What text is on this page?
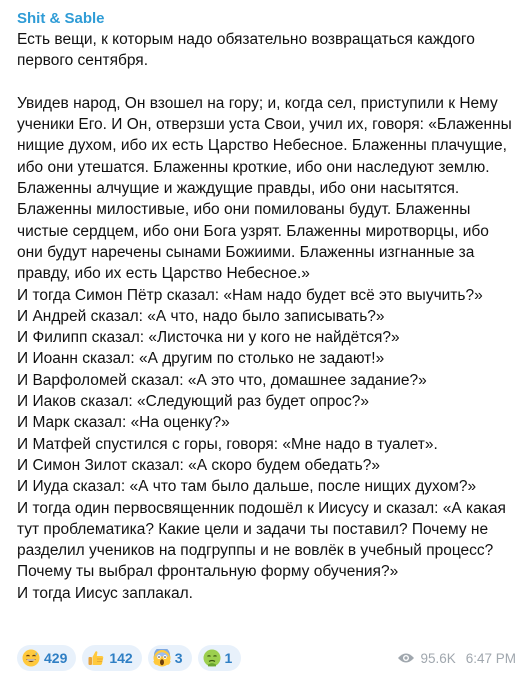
Shit & Sable

Есть вещи, к которым надо обязательно возвращаться каждого первого сентября.

Увидев народ, Он взошел на гору; и, когда сел, приступили к Нему ученики Его. И Он, отверзши уста Свои, учил их, говоря: «Блаженны нищие духом, ибо их есть Царство Небесное. Блаженны плачущие, ибо они утешатся. Блаженны кроткие, ибо они наследуют землю. Блаженны алчущие и жаждущие правды, ибо они насытятся. Блаженны милостивые, ибо они помилованы будут. Блаженны чистые сердцем, ибо они Бога узрят. Блаженны миротворцы, ибо они будут наречены сынами Божиими. Блаженны изгнанные за правду, ибо их есть Царство Небесное.»
И тогда Симон Пётр сказал: «Нам надо будет всё это выучить?»
И Андрей сказал: «А что, надо было записывать?»
И Филипп сказал: «Листочка ни у кого не найдётся?»
И Иоанн сказал: «А другим по столько не задают!»
И Варфоломей сказал: «А это что, домашнее задание?»
И Иаков сказал: «Следующий раз будет опрос?»
И Марк сказал: «На оценку?»
И Матфей спустился с горы, говоря: «Мне надо в туалет».
И Симон Зилот сказал: «А скоро будем обедать?»
И Иуда сказал: «А что там было дальше, после нищих духом?»
И тогда один первосвященник подошёл к Иисусу и сказал: «А какая тут проблематика? Какие цели и задачи ты поставил? Почему не разделил учеников на подгруппы и не вовлёк в учебный процесс? Почему ты выбрал фронтальную форму обучения?»
И тогда Иисус заплакал.

429	142	3	1	95.6K 6:47 PM
